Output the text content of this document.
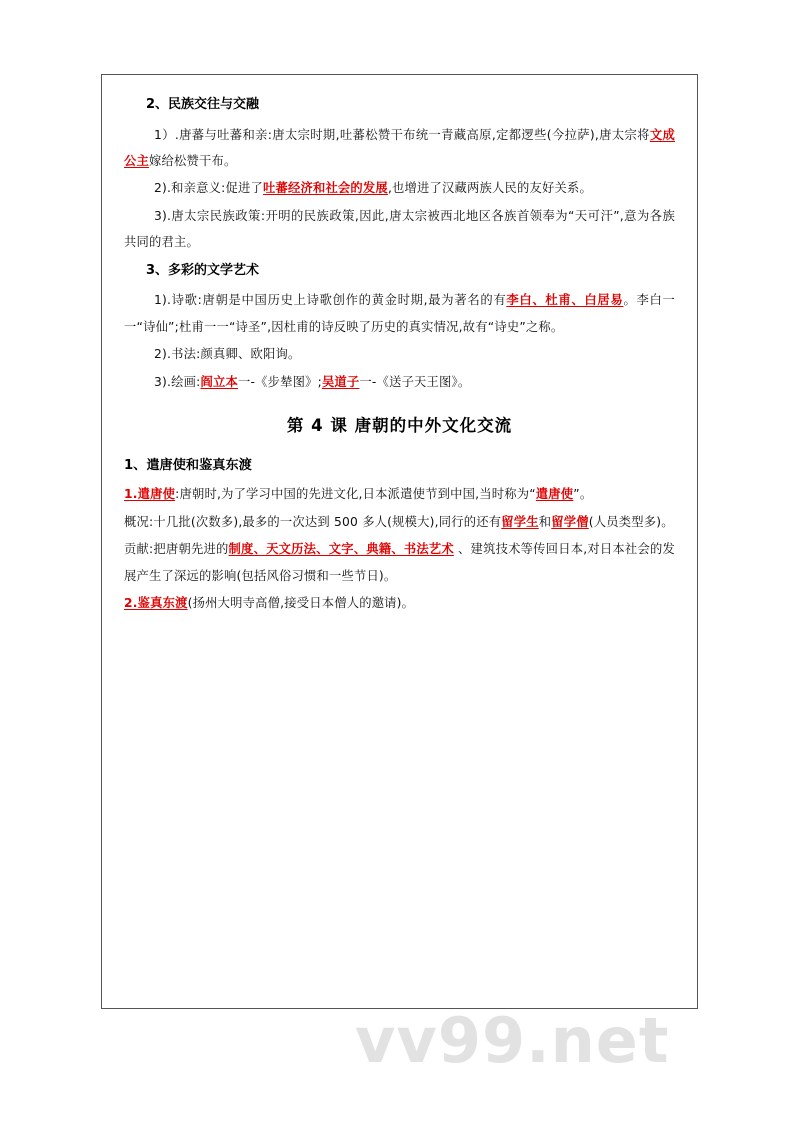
2、民族交往与交融
1）.唐蕃与吐蕃和亲:唐太宗时期,吐蕃松赞干布统一青藏高原,定都逻些(今拉萨),唐太宗将文成公主嫁给松赞干布。
2).和亲意义:促进了吐蕃经济和社会的发展,也增进了汉藏两族人民的友好关系。
3).唐太宗民族政策:开明的民族政策,因此,唐太宗被西北地区各族首领奉为“天可汗”,意为各族共同的君主。
3、多彩的文学艺术
1).诗歌:唐朝是中国历史上诗歌创作的黄金时期,最为著名的有李白、杜甫、白居易。李白一一“诗仙”;杜甫一一“诗圣”,因杜甫的诗反映了历史的真实情况,故有“诗史”之称。
2).书法:颜真卿、欧阳询。
3).绘画:阎立本一-《步辇图》;吴道子一-《送子天王图》。
第 4 课 唐朝的中外文化交流
1、遣唐使和鉴真东渡
1.遣唐使:唐朝时,为了学习中国的先进文化,日本派遣使节到中国,当时称为“遣唐使”。
概况:十几批(次数多),最多的一次达到 500 多人(规模大),同行的还有留学生和留学僧(人员类型多)。
贡献:把唐朝先进的制度、天文历法、文字、典籍、书法艺术 、建筑技术等传回日本,对日本社会的发展产生了深远的影响(包括风俗习惯和一些节日)。
2.鉴真东渡(扬州大明寺高僧,接受日本僧人的邀请)。
vv99.net
